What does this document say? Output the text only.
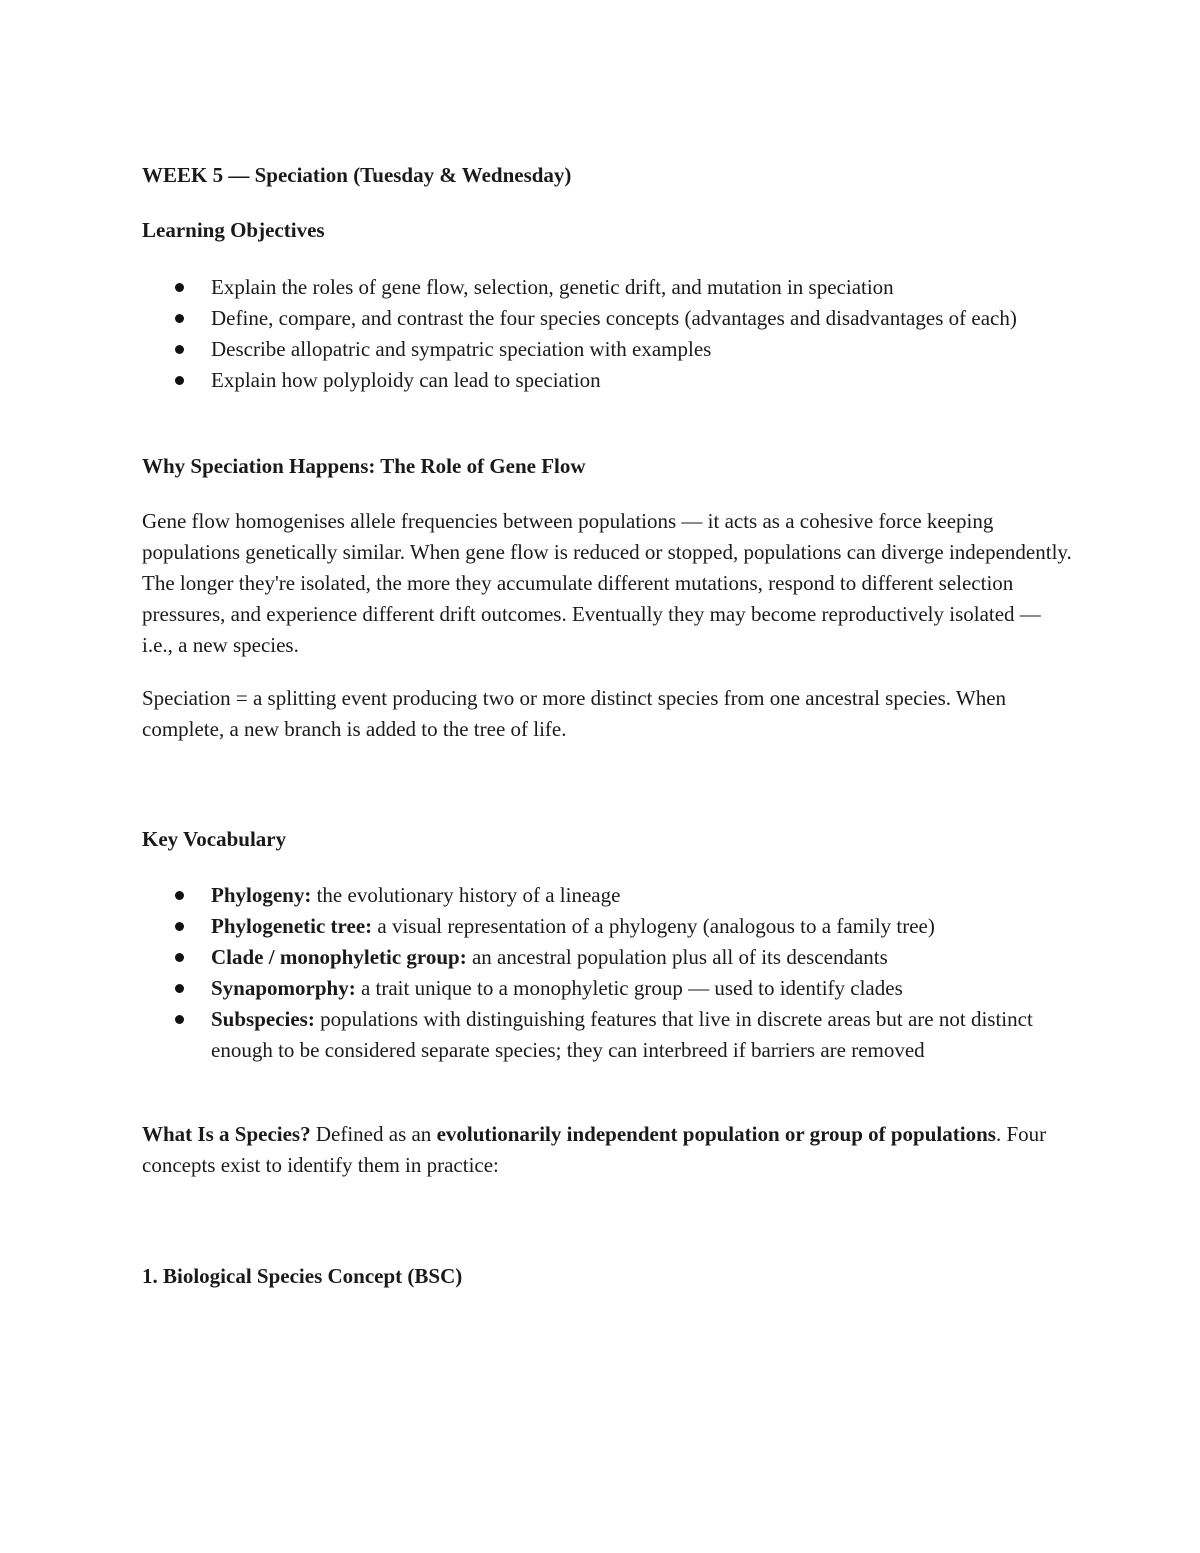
WEEK 5 — Speciation (Tuesday & Wednesday)

Learning Objectives

Explain the roles of gene flow, selection, genetic drift, and mutation in speciation
Define, compare, and contrast the four species concepts (advantages and disadvantages of each)
Describe allopatric and sympatric speciation with examples
Explain how polyploidy can lead to speciation

Why Speciation Happens: The Role of Gene Flow

Gene flow homogenises allele frequencies between populations — it acts as a cohesive force keeping populations genetically similar. When gene flow is reduced or stopped, populations can diverge independently. The longer they're isolated, the more they accumulate different mutations, respond to different selection pressures, and experience different drift outcomes. Eventually they may become reproductively isolated — i.e., a new species.

Speciation = a splitting event producing two or more distinct species from one ancestral species. When complete, a new branch is added to the tree of life.

Key Vocabulary

Phylogeny: the evolutionary history of a lineage
Phylogenetic tree: a visual representation of a phylogeny (analogous to a family tree)
Clade / monophyletic group: an ancestral population plus all of its descendants
Synapomorphy: a trait unique to a monophyletic group — used to identify clades
Subspecies: populations with distinguishing features that live in discrete areas but are not distinct enough to be considered separate species; they can interbreed if barriers are removed

What Is a Species? Defined as an evolutionarily independent population or group of populations. Four concepts exist to identify them in practice:

1. Biological Species Concept (BSC)
